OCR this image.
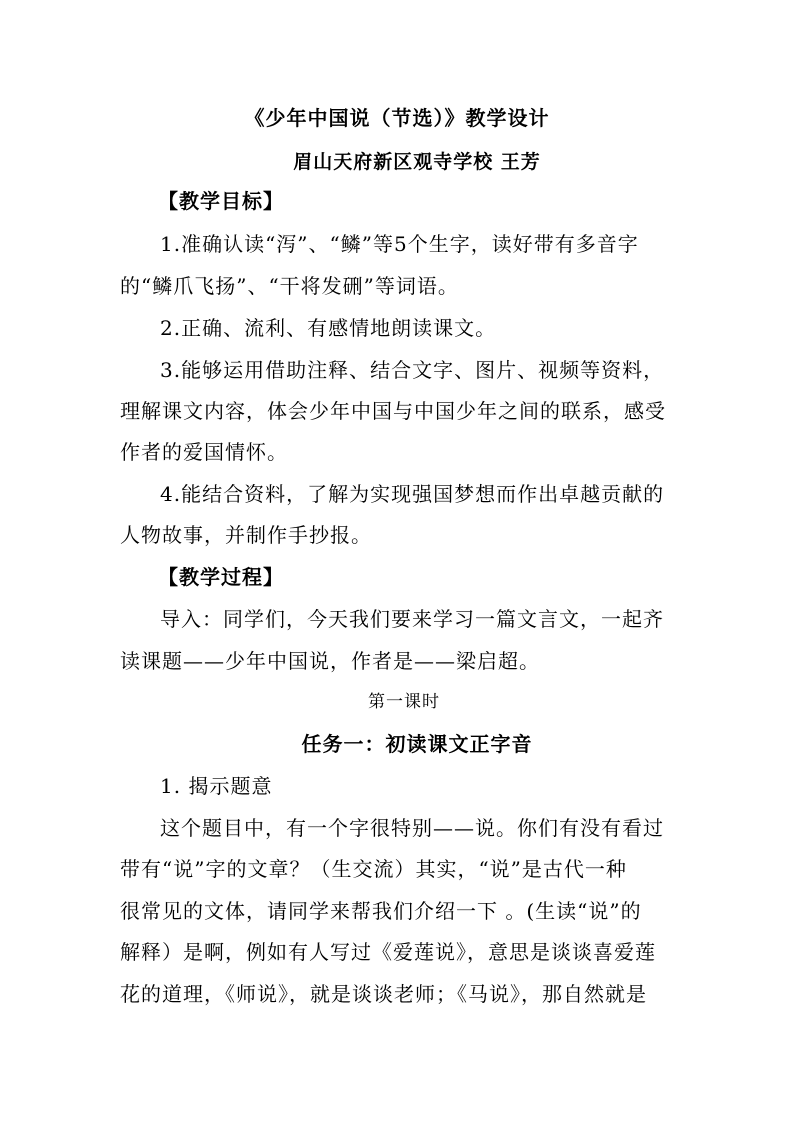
《少年中国说（节选）》教学设计
眉山天府新区观寺学校 王芳
【教学目标】
1.准确认读“泻”、“鳞”等5个生字，读好带有多音字
的“鳞爪飞扬”、“干将发硎”等词语。
2.正确、流利、有感情地朗读课文。
3.能够运用借助注释、结合文字、图片、视频等资料，
理解课文内容，体会少年中国与中国少年之间的联系，感受
作者的爱国情怀。
4.能结合资料，了解为实现强国梦想而作出卓越贡献的
人物故事，并制作手抄报。
【教学过程】
导入：同学们，今天我们要来学习一篇文言文，一起齐
读课题——少年中国说，作者是——梁启超。
第一课时
任务一：初读课文正字音
1. 揭示题意
这个题目中，有一个字很特别——说。你们有没有看过
带有“说”字的文章？（生交流）其实，“说”是古代一种
很常见的文体，请同学来帮我们介绍一下 。(生读“说”的
解释）是啊，例如有人写过《爱莲说》，意思是谈谈喜爱莲
花的道理，《师说》，就是谈谈老师；《马说》，那自然就是
